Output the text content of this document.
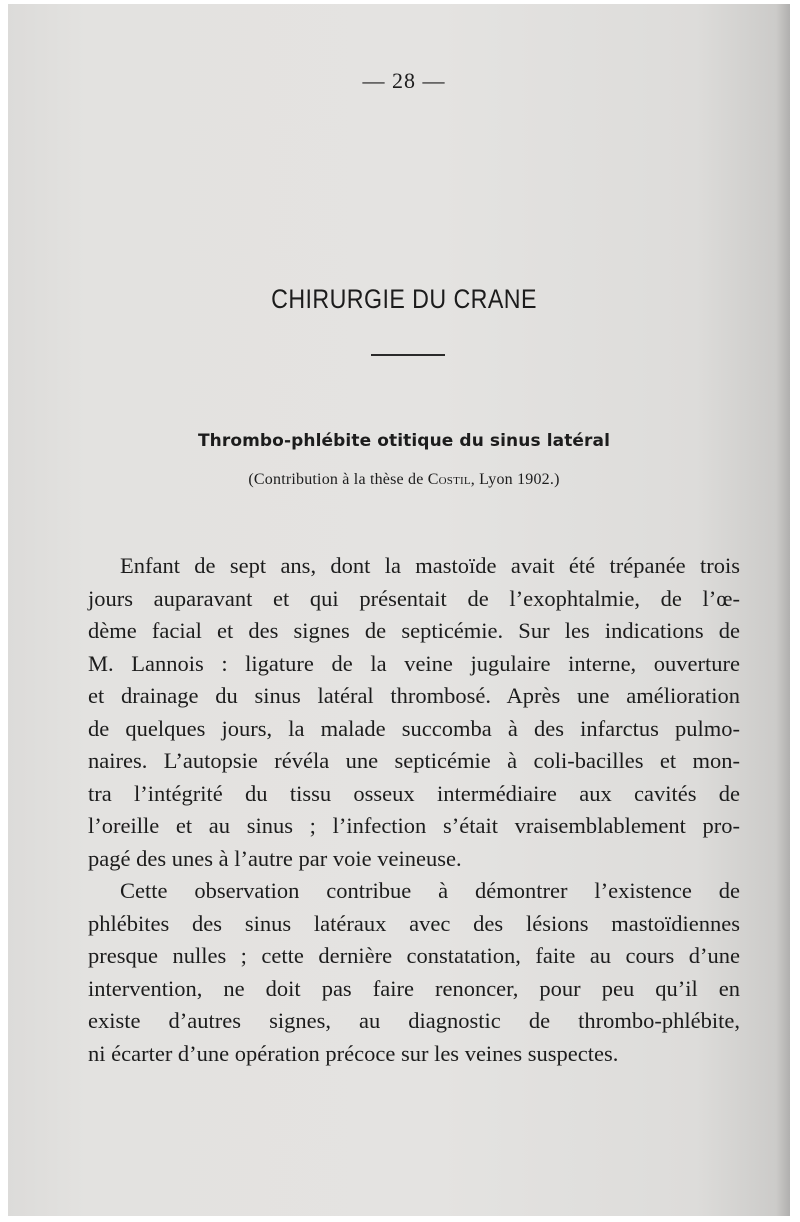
— 28 —
CHIRURGIE DU CRANE
Thrombo-phlébite otitique du sinus latéral
(Contribution à la thèse de Costil, Lyon 1902.)
Enfant de sept ans, dont la mastoïde avait été trépanée trois
jours auparavant et qui présentait de l’exophtalmie, de l’œ-
dème facial et des signes de septicémie. Sur les indications de
M. Lannois : ligature de la veine jugulaire interne, ouverture
et drainage du sinus latéral thrombosé. Après une amélioration
de quelques jours, la malade succomba à des infarctus pulmo-
naires. L’autopsie révéla une septicémie à coli-bacilles et mon-
tra l’intégrité du tissu osseux intermédiaire aux cavités de
l’oreille et au sinus ; l’infection s’était vraisemblablement pro-
pagé des unes à l’autre par voie veineuse.
Cette observation contribue à démontrer l’existence de
phlébites des sinus latéraux avec des lésions mastoïdiennes
presque nulles ; cette dernière constatation, faite au cours d’une
intervention, ne doit pas faire renoncer, pour peu qu’il en
existe d’autres signes, au diagnostic de thrombo-phlébite,
ni écarter d’une opération précoce sur les veines suspectes.
